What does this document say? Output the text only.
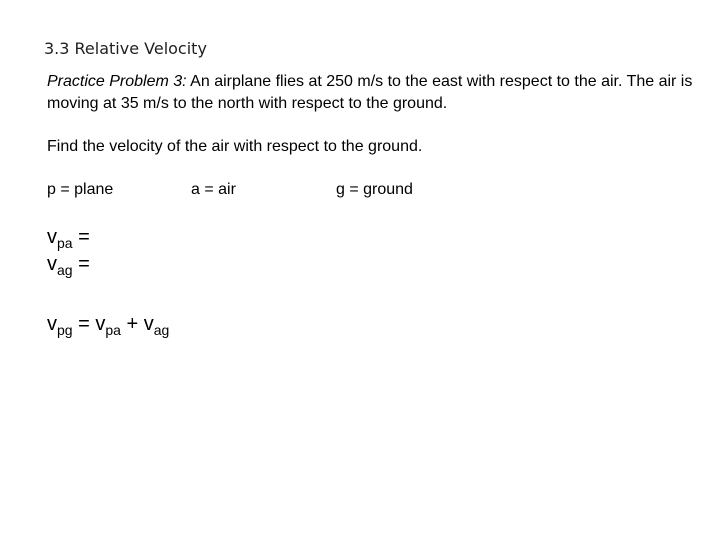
3.3 Relative Velocity
Practice Problem 3: An airplane flies at 250 m/s to the east with respect to the air. The air is moving at 35 m/s to the north with respect to the ground.
Find the velocity of the air with respect to the ground.
p = plane	a = air	g = ground
$v_{pa}$ =
$v_{ag}$ =
$v_{pg} = v_{pa} + v_{ag}$
